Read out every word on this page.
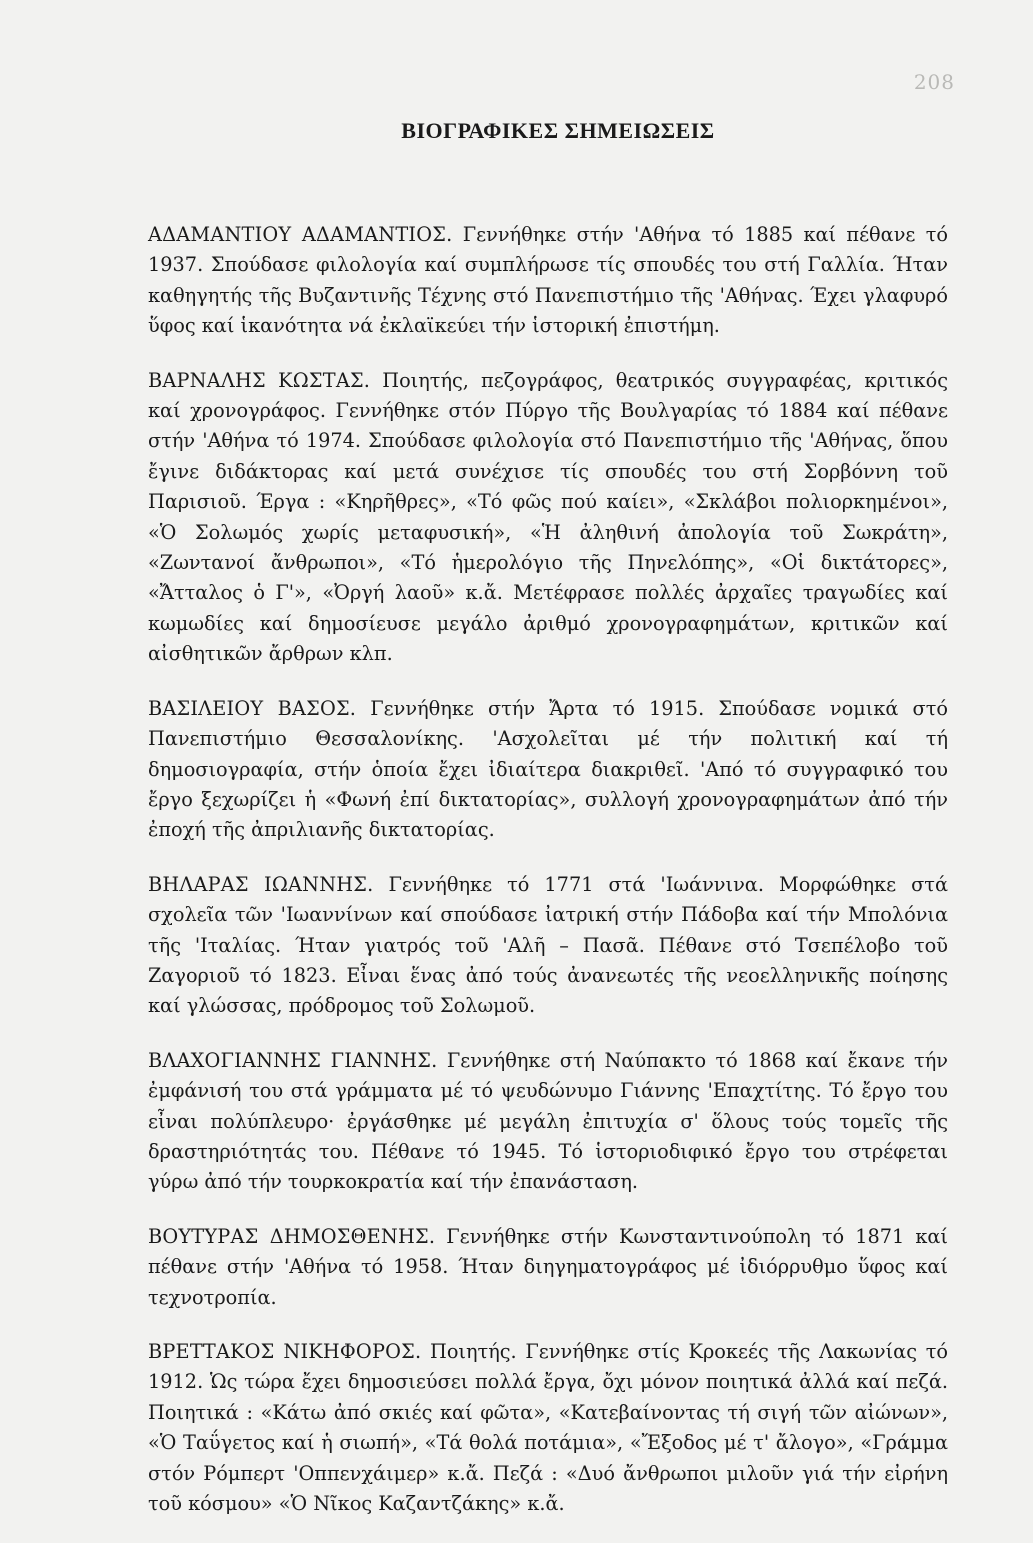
208
ΒΙΟΓΡΑΦΙΚΕΣ ΣΗΜΕΙΩΣΕΙΣ

ΑΔΑΜΑΝΤΙΟΥ ΑΔΑΜΑΝΤΙΟΣ. Γεννήθηκε στήν 'Αθήνα τό 1885 καί πέθανε τό 1937. Σπούδασε φιλολογία καί συμπλήρωσε τίς σπουδές του στή Γαλλία. Ήταν καθηγητής τῆς Βυζαντινῆς Τέχνης στό Πανεπιστήμιο τῆς 'Αθήνας. Έχει γλαφυρό ὕφος καί ἱκανότητα νά ἐκλαϊκεύει τήν ἱστορική ἐπιστήμη.

ΒΑΡΝΑΛΗΣ ΚΩΣΤΑΣ. Ποιητής, πεζογράφος, θεατρικός συγγραφέας, κριτικός καί χρονογράφος. Γεννήθηκε στόν Πύργο τῆς Βουλγαρίας τό 1884 καί πέθανε στήν 'Αθήνα τό 1974. Σπούδασε φιλολογία στό Πανεπιστήμιο τῆς 'Αθήνας, ὅπου ἔγινε διδάκτορας καί μετά συνέχισε τίς σπουδές του στή Σορβόννη τοῦ Παρισιοῦ. Έργα : «Κηρῆθρες», «Τό φῶς πού καίει», «Σκλάβοι πολιορκημένοι», «Ὁ Σολωμός χωρίς μεταφυσική», «Ἡ ἀληθινή ἀπολογία τοῦ Σωκράτη», «Ζωντανοί ἄνθρωποι», «Τό ἡμερολόγιο τῆς Πηνελόπης», «Οἱ δικτάτορες», «Ἄτταλος ὁ Γ'», «Ὀργή λαοῦ» κ.ἄ. Μετέφρασε πολλές ἀρχαῖες τραγωδίες καί κωμωδίες καί δημοσίευσε μεγάλο ἀριθμό χρονογραφημάτων, κριτικῶν καί αἰσθητικῶν ἄρθρων κλπ.

ΒΑΣΙΛΕΙΟΥ ΒΑΣΟΣ. Γεννήθηκε στήν Ἄρτα τό 1915. Σπούδασε νομικά στό Πανεπιστήμιο Θεσσαλονίκης. 'Ασχολεῖται μέ τήν πολιτική καί τή δημοσιογραφία, στήν ὁποία ἔχει ἰδιαίτερα διακριθεῖ. 'Από τό συγγραφικό του ἔργο ξεχωρίζει ἡ «Φωνή ἐπί δικτατορίας», συλλογή χρονογραφημάτων ἀπό τήν ἐποχή τῆς ἀπριλιανῆς δικτατορίας.

ΒΗΛΑΡΑΣ ΙΩΑΝΝΗΣ. Γεννήθηκε τό 1771 στά 'Ιωάννινα. Μορφώθηκε στά σχολεῖα τῶν 'Ιωαννίνων καί σπούδασε ἰατρική στήν Πάδοβα καί τήν Μπολόνια τῆς 'Ιταλίας. Ήταν γιατρός τοῦ 'Αλῆ – Πασᾶ. Πέθανε στό Τσεπέλοβο τοῦ Ζαγοριοῦ τό 1823. Εἶναι ἕνας ἀπό τούς ἀνανεωτές τῆς νεοελληνικῆς ποίησης καί γλώσσας, πρόδρομος τοῦ Σολωμοῦ.

ΒΛΑΧΟΓΙΑΝΝΗΣ ΓΙΑΝΝΗΣ. Γεννήθηκε στή Ναύπακτο τό 1868 καί ἔκανε τήν ἐμφάνισή του στά γράμματα μέ τό ψευδώνυμο Γιάννης 'Επαχτίτης. Τό ἔργο του εἶναι πολύπλευρο· ἐργάσθηκε μέ μεγάλη ἐπιτυχία σ' ὅλους τούς τομεῖς τῆς δραστηριότητάς του. Πέθανε τό 1945. Τό ἱστοριοδιφικό ἔργο του στρέφεται γύρω ἀπό τήν τουρκοκρατία καί τήν ἐπανάσταση.

ΒΟΥΤΥΡΑΣ ΔΗΜΟΣΘΕΝΗΣ. Γεννήθηκε στήν Κωνσταντινούπολη τό 1871 καί πέθανε στήν 'Αθήνα τό 1958. Ήταν διηγηματογράφος μέ ἰδιόρρυθμο ὕφος καί τεχνοτροπία.

ΒΡΕΤΤΑΚΟΣ ΝΙΚΗΦΟΡΟΣ. Ποιητής. Γεννήθηκε στίς Κροκεές τῆς Λακωνίας τό 1912. Ὡς τώρα ἔχει δημοσιεύσει πολλά ἔργα, ὄχι μόνον ποιητικά ἀλλά καί πεζά. Ποιητικά : «Κάτω ἀπό σκιές καί φῶτα», «Κατεβαίνοντας τή σιγή τῶν αἰώνων», «Ὁ Ταΰγετος καί ἡ σιωπή», «Τά θολά ποτάμια», «Ἔξοδος μέ τ' ἄλογο», «Γράμμα στόν Ρόμπερτ 'Οππενχάιμερ» κ.ἄ. Πεζά : «Δυό ἄνθρωποι μιλοῦν γιά τήν εἰρήνη τοῦ κόσμου» «Ὁ Νῖκος Καζαντζάκης» κ.ἄ.
